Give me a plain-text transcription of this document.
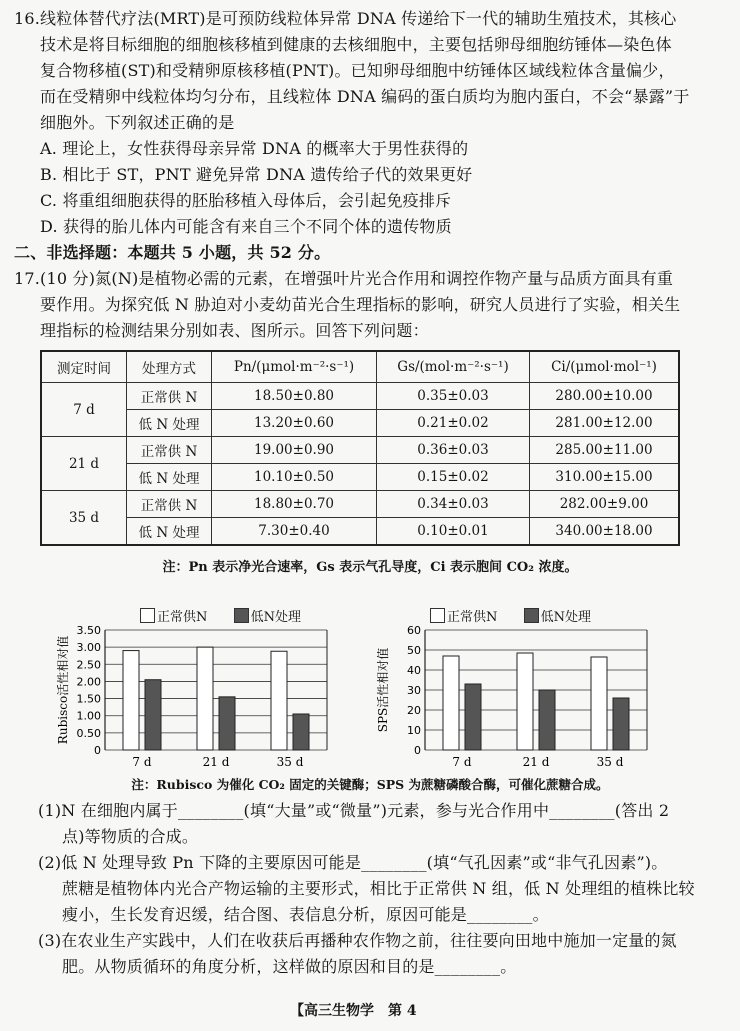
16.线粒体替代疗法(MRT)是可预防线粒体异常 DNA 传递给下一代的辅助生殖技术，其核心
技术是将目标细胞的细胞核移植到健康的去核细胞中，主要包括卵母细胞纺锤体—染色体
复合物移植(ST)和受精卵原核移植(PNT)。已知卵母细胞中纺锤体区域线粒体含量偏少，
而在受精卵中线粒体均匀分布，且线粒体 DNA 编码的蛋白质均为胞内蛋白，不会“暴露”于
细胞外。下列叙述正确的是
A. 理论上，女性获得母亲异常 DNA 的概率大于男性获得的
B. 相比于 ST，PNT 避免异常 DNA 遗传给子代的效果更好
C. 将重组细胞获得的胚胎移植入母体后，会引起免疫排斥
D. 获得的胎儿体内可能含有来自三个不同个体的遗传物质
二、非选择题：本题共 5 小题，共 52 分。
17.(10 分)氮(N)是植物必需的元素，在增强叶片光合作用和调控作物产量与品质方面具有重
要作用。为探究低 N 胁迫对小麦幼苗光合生理指标的影响，研究人员进行了实验，相关生
理指标的检测结果分别如表、图所示。回答下列问题：
测定时间	处理方式	Pn/(μmol·m⁻²·s⁻¹)	Gs/(mol·m⁻²·s⁻¹)	Ci/(μmol·mol⁻¹)
7 d	正常供 N	18.50±0.80	0.35±0.03	280.00±10.00
	低 N 处理	13.20±0.60	0.21±0.02	281.00±12.00
21 d	正常供 N	19.00±0.90	0.36±0.03	285.00±11.00
	低 N 处理	10.10±0.50	0.15±0.02	310.00±15.00
35 d	正常供 N	18.80±0.70	0.34±0.03	282.00±9.00
	低 N 处理	7.30±0.40	0.10±0.01	340.00±18.00
注：Pn 表示净光合速率，Gs 表示气孔导度，Ci 表示胞间 CO₂ 浓度。
正常供N	低N处理
Rubisco活性相对值
0
0.50
1.00
1.50
2.00
2.50
3.00
3.50
7 d	21 d	35 d
正常供N	低N处理
SPS活性相对值
0
10
20
30
40
50
60
7 d	21 d	35 d
注：Rubisco 为催化 CO₂ 固定的关键酶；SPS 为蔗糖磷酸合酶，可催化蔗糖合成。
(1)N 在细胞内属于________(填“大量”或“微量”)元素，参与光合作用中________(答出 2
点)等物质的合成。
(2)低 N 处理导致 Pn 下降的主要原因可能是________(填“气孔因素”或“非气孔因素”)。
蔗糖是植物体内光合产物运输的主要形式，相比于正常供 N 组，低 N 处理组的植株比较
瘦小，生长发育迟缓，结合图、表信息分析，原因可能是________。
(3)在农业生产实践中，人们在收获后再播种农作物之前，往往要向田地中施加一定量的氮
肥。从物质循环的角度分析，这样做的原因和目的是________。
【高三生物学　第 4
